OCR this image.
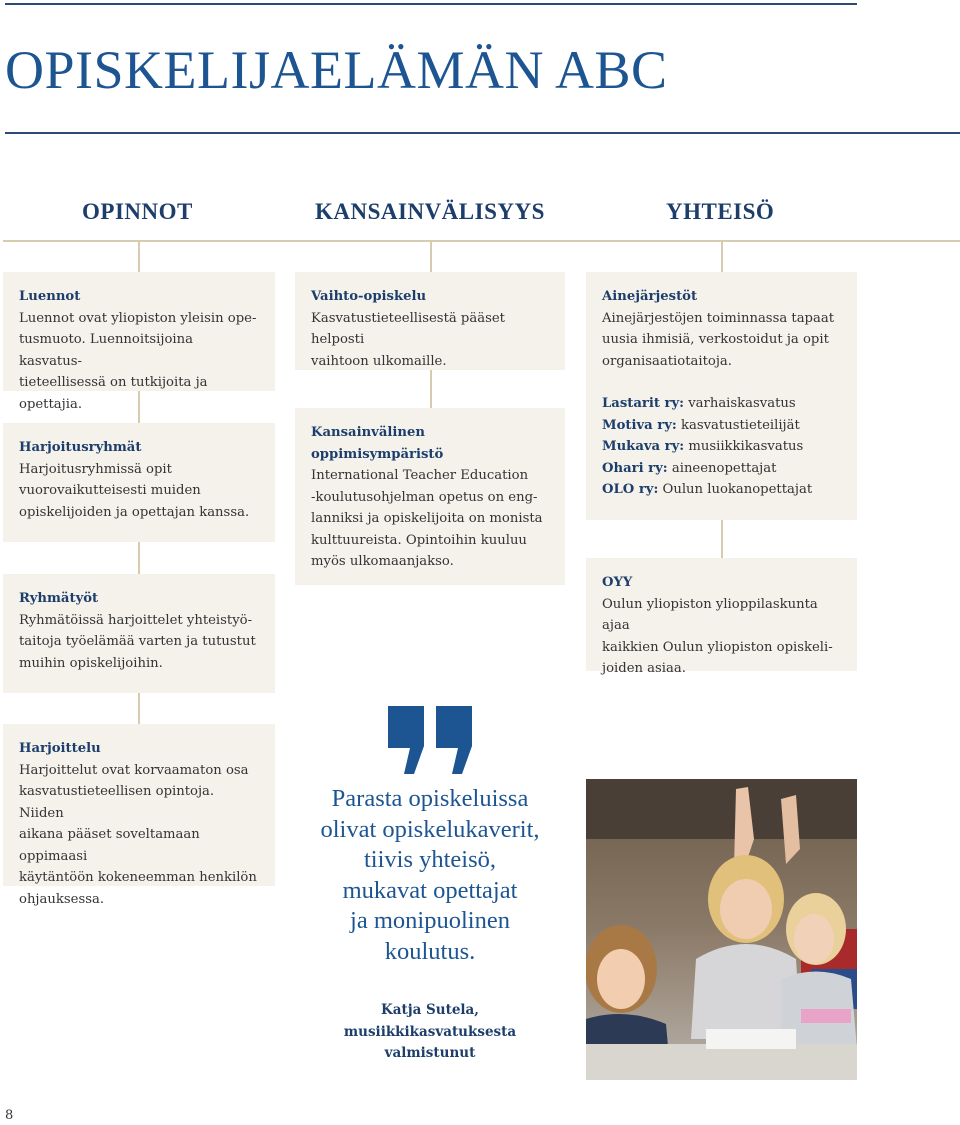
OPISKELIJAELÄMÄN ABC
OPINNOT	KANSAINVÄLISYYS	YHTEISÖ
Luennot
Luennot ovat yliopiston yleisin ope-
tusmuoto. Luennoitsijoina kasvatus-
tieteellisessä on tutkijoita ja opettajia.
Harjoitusryhmät
Harjoitusryhmissä opit
vuorovaikutteisesti muiden
opiskelijoiden ja opettajan kanssa.
Ryhmätyöt
Ryhmätöissä harjoittelet yhteistyö-
taitoja työelämää varten ja tutustut
muihin opiskelijoihin.
Harjoittelu
Harjoittelut ovat korvaamaton osa
kasvatustieteellisen opintoja. Niiden
aikana pääset soveltamaan oppimaasi
käytäntöön kokeneemman henkilön
ohjauksessa.
Vaihto-opiskelu
Kasvatustieteellisestä pääset helposti
vaihtoon ulkomaille.
Kansainvälinen
oppimisympäristö
International Teacher Education
-koulutusohjelman opetus on eng-
lanniksi ja opiskelijoita on monista
kulttuureista. Opintoihin kuuluu
myös ulkomaanjakso.
Ainejärjestöt
Ainejärjestöjen toiminnassa tapaat
uusia ihmisiä, verkostoidut ja opit
organisaatiotaitoja.
Lastarit ry: varhaiskasvatus
Motiva ry: kasvatustieteilijät
Mukava ry: musiikkikasvatus
Ohari ry: aineenopettajat
OLO ry: Oulun luokanopettajat
OYY
Oulun yliopiston ylioppilaskunta ajaa
kaikkien Oulun yliopiston opiskeli-
joiden asiaa.
Parasta opiskeluissa
olivat opiskelukaverit,
tiivis yhteisö,
mukavat opettajat
ja monipuolinen
koulutus.
Katja Sutela,
musiikkikasvatuksesta
valmistunut
8
